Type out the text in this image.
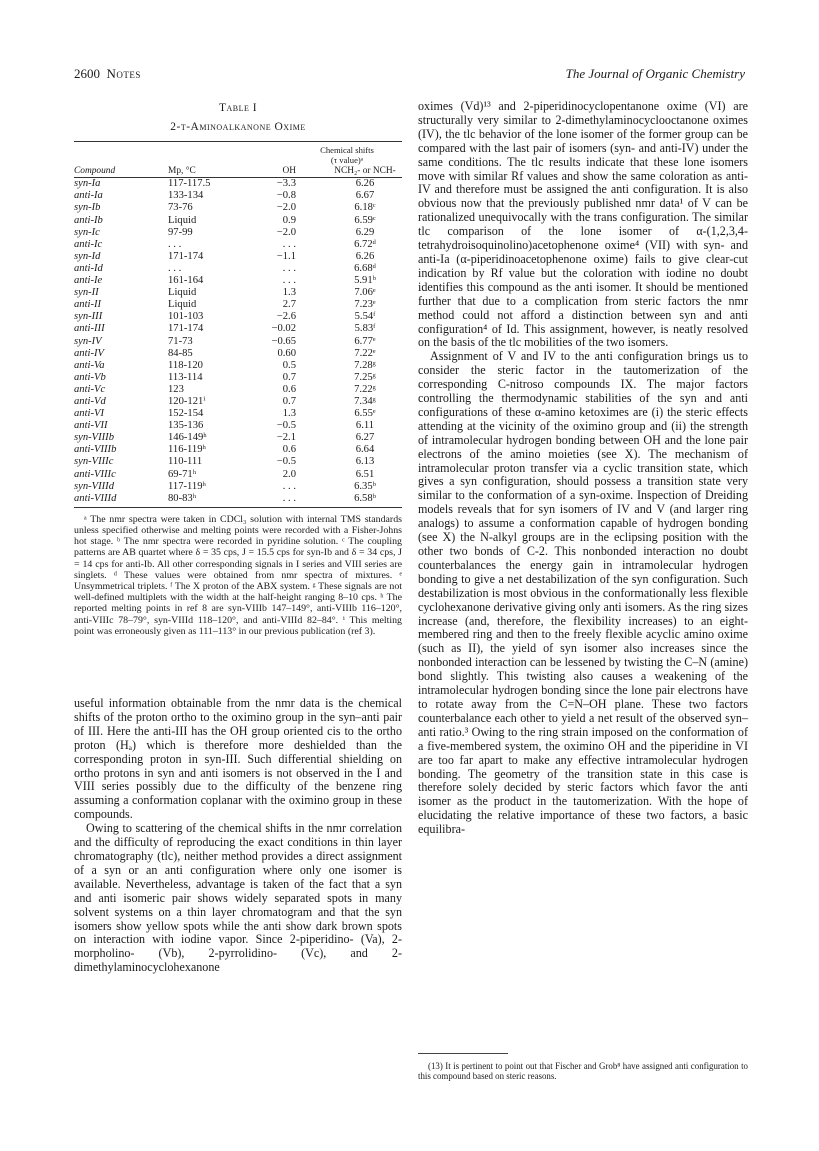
2600 Notes	The Journal of Organic Chemistry
Table I
2-t-Aminoalkanone Oxime
Chemical shifts
(τ value)ᵃ
Compound	Mp, °C	OH	NCH₂- or NCH-

syn-Ia	117-117.5	−3.3	6.26
anti-Ia	133-134	−0.8	6.67
syn-Ib	73-76	−2.0	6.18ᶜ
anti-Ib	Liquid	0.9	6.59ᶜ
syn-Ic	97-99	−2.0	6.29
anti-Ic	. . .	. . .	6.72ᵈ
syn-Id	171-174	−1.1	6.26
anti-Id	. . .	. . .	6.68ᵈ
anti-Ie	161-164	. . .	5.91ᵇ
syn-II	Liquid	1.3	7.06ᵉ
anti-II	Liquid	2.7	7.23ᵉ
syn-III	101-103	−2.6	5.54ᶠ
anti-III	171-174	−0.02	5.83ᶠ
syn-IV	71-73	−0.65	6.77ᵉ
anti-IV	84-85	0.60	7.22ᵉ
anti-Va	118-120	0.5	7.28ᵍ
anti-Vb	113-114	0.7	7.25ᵍ
anti-Vc	123	0.6	7.22ᵍ
anti-Vd	120-121ⁱ	0.7	7.34ᵍ
anti-VI	152-154	1.3	6.55ᵉ
anti-VII	135-136	−0.5	6.11
syn-VIIIb	146-149ʰ	−2.1	6.27
anti-VIIIb	116-119ʰ	0.6	6.64
syn-VIIIc	110-111	−0.5	6.13
anti-VIIIc	69-71ʰ	2.0	6.51
syn-VIIId	117-119ʰ	. . .	6.35ᵇ
anti-VIIId	80-83ʰ	. . .	6.58ᵇ
ᵃ The nmr spectra were taken in CDCl₃ solution with internal TMS standards unless specified otherwise and melting points were recorded with a Fisher-Johns hot stage. ᵇ The nmr spectra were recorded in pyridine solution. ᶜ The coupling patterns are AB quartet where δ = 35 cps, J = 15.5 cps for syn-Ib and δ = 34 cps, J = 14 cps for anti-Ib. All other corresponding signals in I series and VIII series are singlets. ᵈ These values were obtained from nmr spectra of mixtures. ᵉ Unsymmetrical triplets. ᶠ The X proton of the ABX system. ᵍ These signals are not well-defined multiplets with the width at the half-height ranging 8–10 cps. ʰ The reported melting points in ref 8 are syn-VIIIb 147–149°, anti-VIIIb 116–120°, anti-VIIIc 78–79°, syn-VIIId 118–120°, and anti-VIIId 82–84°. ⁱ This melting point was erroneously given as 111–113° in our previous publication (ref 3).

useful information obtainable from the nmr data is the chemical shifts of the proton ortho to the oximino group in the syn–anti pair of III. Here the anti-III has the OH group oriented cis to the ortho proton (Hₐ) which is therefore more deshielded than the corresponding proton in syn-III. Such differential shielding on ortho protons in syn and anti isomers is not observed in the I and VIII series possibly due to the difficulty of the benzene ring assuming a conformation coplanar with the oximino group in these compounds.

Owing to scattering of the chemical shifts in the nmr correlation and the difficulty of reproducing the exact conditions in thin layer chromatography (tlc), neither method provides a direct assignment of a syn or an anti configuration where only one isomer is available. Nevertheless, advantage is taken of the fact that a syn and anti isomeric pair shows widely separated spots in many solvent systems on a thin layer chromatogram and that the syn isomers show yellow spots while the anti show dark brown spots on interaction with iodine vapor. Since 2-piperidino- (Va), 2-morpholino- (Vb), 2-pyrrolidino- (Vc), and 2-dimethylaminocyclohexanone

oximes (Vd)¹³ and 2-piperidinocyclopentanone oxime (VI) are structurally very similar to 2-dimethylaminocyclooctanone oximes (IV), the tlc behavior of the lone isomer of the former group can be compared with the last pair of isomers (syn- and anti-IV) under the same conditions. The tlc results indicate that these lone isomers move with similar Rf values and show the same coloration as anti-IV and therefore must be assigned the anti configuration. It is also obvious now that the previously published nmr data¹ of V can be rationalized unequivocally with the trans configuration. The similar tlc comparison of the lone isomer of α-(1,2,3,4-tetrahydroisoquinolino)acetophenone oxime⁴ (VII) with syn- and anti-Ia (α-piperidinoacetophenone oxime) fails to give clear-cut indication by Rf value but the coloration with iodine no doubt identifies this compound as the anti isomer. It should be mentioned further that due to a complication from steric factors the nmr method could not afford a distinction between syn and anti configuration⁴ of Id. This assignment, however, is neatly resolved on the basis of the tlc mobilities of the two isomers.

Assignment of V and IV to the anti configuration brings us to consider the steric factor in the tautomerization of the corresponding C-nitroso compounds IX. The major factors controlling the thermodynamic stabilities of the syn and anti configurations of these α-amino ketoximes are (i) the steric effects attending at the vicinity of the oximino group and (ii) the strength of intramolecular hydrogen bonding between OH and the lone pair electrons of the amino moieties (see X). The mechanism of intramolecular proton transfer via a cyclic transition state, which gives a syn configuration, should possess a transition state very similar to the conformation of a syn-oxime. Inspection of Dreiding models reveals that for syn isomers of IV and V (and larger ring analogs) to assume a conformation capable of hydrogen bonding (see X) the N-alkyl groups are in the eclipsing position with the other two bonds of C-2. This nonbonded interaction no doubt counterbalances the energy gain in intramolecular hydrogen bonding to give a net destabilization of the syn configuration. Such destabilization is most obvious in the conformationally less flexible cyclohexanone derivative giving only anti isomers. As the ring sizes increase (and, therefore, the flexibility increases) to an eight-membered ring and then to the freely flexible acyclic amino oxime (such as II), the yield of syn isomer also increases since the nonbonded interaction can be lessened by twisting the C–N (amine) bond slightly. This twisting also causes a weakening of the intramolecular hydrogen bonding since the lone pair electrons have to rotate away from the C=N–OH plane. These two factors counterbalance each other to yield a net result of the observed syn–anti ratio.³ Owing to the ring strain imposed on the conformation of a five-membered system, the oximino OH and the piperidine in VI are too far apart to make any effective intramolecular hydrogen bonding. The geometry of the transition state in this case is therefore solely decided by steric factors which favor the anti isomer as the product in the tautomerization. With the hope of elucidating the relative importance of these two factors, a basic equilibra-

(13) It is pertinent to point out that Fischer and Grob⁸ have assigned anti configuration to this compound based on steric reasons.
